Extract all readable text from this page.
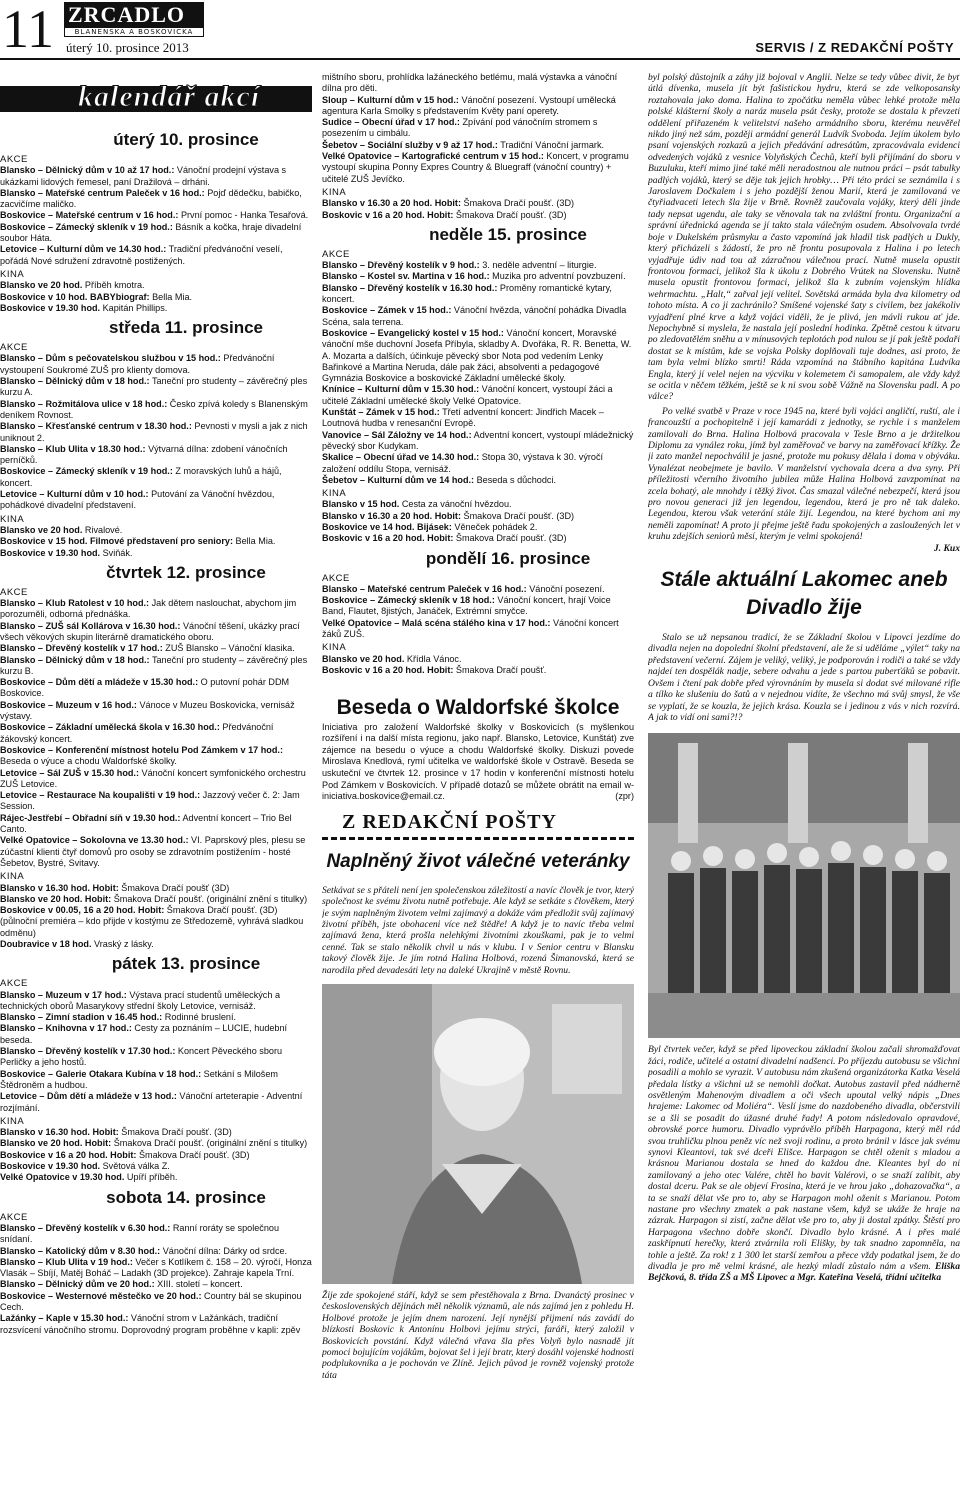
11 ZRCADLO
BLANENSKA A BOSKOVICKA
úterý 10. prosince 2013	SERVIS / Z REDAKČNÍ POŠTY
kalendář akcí
úterý 10. prosince
AKCE
Blansko – Dělnický dům v 10 až 17 hod.: Vánoční prodejní výstava s ukázkami lidových řemesel, paní Dražilová – drháni.
Blansko – Mateřské centrum Paleček v 16 hod.: Pojď dědečku, babičko, zacvičíme maličko.
Boskovice – Mateřské centrum v 16 hod.: První pomoc - Hanka Tesařová.
Boskovice – Zámecký skleník v 19 hod.: Básník a kočka, hraje divadelní soubor Háta.
Letovice – Kulturní dům ve 14.30 hod.: Tradiční předvánoční veselí, pořádá Nové sdružení zdravotně postižených.
KINA
Blansko ve 20 hod. Příběh kmotra.
Boskovice v 10 hod. BABYbiograf: Bella Mia.
Boskovice v 19.30 hod. Kapitán Phillips.
středa 11. prosince
AKCE
Blansko – Dům s pečovatelskou službou v 15 hod.: Předvánoční vystoupení Soukromé ZUŠ pro klienty domova.
Blansko – Dělnický dům v 18 hod.: Taneční pro studenty – závěrečný ples kurzu A.
Blansko – Rožmitálova ulice v 18 hod.: Česko zpívá koledy s Blanenským deníkem Rovnost.
Blansko – Křesťanské centrum v 18.30 hod.: Pevnosti v mysli a jak z nich uniknout 2.
Blansko – Klub Ulita v 18.30 hod.: Výtvarná dílna: zdobení vánočních perníčků.
Boskovice – Zámecký skleník v 19 hod.: Z moravských luhů a hájů, koncert.
Letovice – Kulturní dům v 10 hod.: Putování za Vánoční hvězdou, pohádkové divadelní představení.
KINA
Blansko ve 20 hod. Rivalové.
Boskovice v 15 hod. Filmové představení pro seniory: Bella Mia.
Boskovice v 19.30 hod. Sviňák.
čtvrtek 12. prosince
AKCE
Blansko – Klub Ratolest v 10 hod.: Jak dětem naslouchat, abychom jim porozuměli, odborná přednáška.
Blansko – ZUŠ sál Kollárova v 16.30 hod.: Vánoční těšení, ukázky prací všech věkových skupin literárně dramatického oboru.
Blansko – Dřevěný kostelík v 17 hod.: ZUŠ Blansko – Vánoční klasika.
Blansko – Dělnický dům v 18 hod.: Taneční pro studenty – závěrečný ples kurzu B.
Boskovice – Dům dětí a mládeže v 15.30 hod.: O putovní pohár DDM Boskovice.
Boskovice – Muzeum v 16 hod.: Vánoce v Muzeu Boskovicka, vernisáž výstavy.
Boskovice – Základní umělecká škola v 16.30 hod.: Předvánoční žákovský koncert.
Boskovice – Konferenční místnost hotelu Pod Zámkem v 17 hod.: Beseda o výuce a chodu Waldorfské školky.
Letovice – Sál ZUŠ v 15.30 hod.: Vánoční koncert symfonického orchestru ZUŠ Letovice.
Letovice – Restaurace Na koupališti v 19 hod.: Jazzový večer č. 2: Jam Session.
Rájec-Jestřebí – Obřadní síň v 19.30 hod.: Adventní koncert – Trio Bel Canto.
Velké Opatovice – Sokolovna ve 13.30 hod.: VI. Paprskový ples, plesu se zúčastní klienti čtyř domovů pro osoby se zdravotním postižením - hosté Šebetov, Bystré, Svitavy.
KINA
Blansko v 16.30 hod. Hobit: Šmakova Dračí poušť (3D)
Blansko ve 20 hod. Hobit: Šmakova Dračí poušť. (originální znění s titulky)
Boskovice v 00.05, 16 a 20 hod. Hobit: Šmakova Dračí poušť. (3D) (půlnoční premiéra – kdo přijde v kostýmu ze Středozemě, vyhrává sladkou odměnu)
Doubravice v 18 hod. Vraský z lásky.
pátek 13. prosince
AKCE
Blansko – Muzeum v 17 hod.: Výstava prací studentů uměleckých a technických oborů Masarykovy střední školy Letovice, vernisáž.
Blansko – Zimní stadion v 16.45 hod.: Rodinné bruslení.
Blansko – Knihovna v 17 hod.: Cesty za poznáním – LUCIE, hudební beseda.
Blansko – Dřevěný kostelík v 17.30 hod.: Koncert Pěveckého sboru Perličky a jeho hostů.
Boskovice – Galerie Otakara Kubína v 18 hod.: Setkání s Milošem Štědroněm a hudbou.
Letovice – Dům dětí a mládeže v 13 hod.: Vánoční arteterapie - Adventní rozjímání.
KINA
Blansko v 16.30 hod. Hobit: Šmakova Dračí poušť. (3D)
Blansko ve 20 hod. Hobit: Šmakova Dračí poušť. (originální znění s titulky)
Boskovice v 16 a 20 hod. Hobit: Šmakova Dračí poušť. (3D)
Boskovice v 19.30 hod. Světová válka Z.
Velké Opatovice v 19.30 hod. Upíří příběh.
sobota 14. prosince
AKCE
Blansko – Dřevěný kostelík v 6.30 hod.: Ranní roráty se společnou snídaní.
Blansko – Katolický dům v 8.30 hod.: Vánoční dílna: Dárky od srdce.
Blansko – Klub Ulita v 19 hod.: Večer s Kotlíkem č. 158 – 20. výročí, Honza Vlasák – Sbíjí, Matěj Boháč – Ladakh (3D projekce). Zahraje kapela Trní.
Blansko – Dělnický dům ve 20 hod.: XIII. století – koncert.
Boskovice – Westernové městečko ve 20 hod.: Country bál se skupinou Cech.
Lažánky – Kaple v 15.30 hod.: Vánoční strom v Lažánkách, tradiční rozsvícení vánočního stromu. Doprovodný program proběhne v kapli: zpěv
mištního sboru, prohlídka lažáneckého betlému, malá výstavka a vánoční dílna pro děti.
Sloup – Kulturní dům v 15 hod.: Vánoční posezení. Vystoupí umělecká agentura Karla Smolky s představením Květy paní operety.
Sudice – Obecní úřad v 17 hod.: Zpívání pod vánočním stromem s posezením u cimbálu.
Šebetov – Sociální služby v 9 až 17 hod.: Tradiční Vánoční jarmark.
Velké Opatovice – Kartografické centrum v 15 hod.: Koncert, v programu vystoupí skupina Ponny Expres Country & Bluegraff (vánoční country) + učitelé ZUŠ Jevíčko.
KINA
Blansko v 16.30 a 20 hod. Hobit: Šmakova Dračí poušť. (3D)
Boskovic v 16 a 20 hod. Hobit: Šmakova Dračí poušť. (3D)
neděle 15. prosince
AKCE
Blansko – Dřevěný kostelík v 9 hod.: 3. neděle adventní – liturgie.
Blansko – Kostel sv. Martina v 16 hod.: Muzika pro adventní povzbuzení.
Blansko – Dřevěný kostelík v 16.30 hod.: Proměny romantické kytary, koncert.
Boskovice – Zámek v 15 hod.: Vánoční hvězda, vánoční pohádka Divadla Scéna, sala terrena.
Boskovice – Evangelický kostel v 15 hod.: Vánoční koncert, Moravské vánoční mše duchovní Josefa Příbyla, skladby A. Dvořáka, R. R. Benetta, W. A. Mozarta a dalších, účinkuje pěvecký sbor Nota pod vedením Lenky Bařinkové a Martina Neruda, dále pak žáci, absolventi a pedagogové Gymnázia Boskovice a boskovické Základní umělecké školy.
Knínice – Kulturní dům v 15.30 hod.: Vánoční koncert, vystoupí žáci a učitelé Základní umělecké školy Velké Opatovice.
Kunštát – Zámek v 15 hod.: Třetí adventní koncert: Jindřich Macek – Loutnová hudba v renesanční Evropě.
Vanovice – Sál Záložny ve 14 hod.: Adventní koncert, vystoupí mládežnický pěvecký sbor Kudykam.
Skalice – Obecní úřad ve 14.30 hod.: Stopa 30, výstava k 30. výročí založení oddílu Stopa, vernisáž.
Šebetov – Kulturní dům ve 14 hod.: Beseda s důchodci.
KINA
Blansko v 15 hod. Cesta za vánoční hvězdou.
Blansko v 16.30 a 20 hod. Hobit: Šmakova Dračí poušť. (3D)
Boskovice ve 14 hod. Bijásek: Věneček pohádek 2.
Boskovic v 16 a 20 hod. Hobit: Šmakova Dračí poušť. (3D)
pondělí 16. prosince
AKCE
Blansko – Mateřské centrum Paleček v 16 hod.: Vánoční posezení.
Boskovice – Zámecký skleník v 18 hod.: Vánoční koncert, hrají Voice Band, Flautet, 8jistých, Janáček, Extrémní smyčce.
Velké Opatovice – Malá scéna stálého kina v 17 hod.: Vánoční koncert žáků ZUŠ.
KINA
Blansko ve 20 hod. Křídla Vánoc.
Boskovic v 16 a 20 hod. Hobit: Šmakova Dračí poušť.
Beseda o Waldorfské školce
Iniciativa pro založení Waldorfské školky v Boskovicích (s myšlenkou rozšíření i na další místa regionu, jako např. Blansko, Letovice, Kunštát) zve zájemce na besedu o výuce a chodu Waldorfské školky. Diskuzi povede Miroslava Knedlová, rymí učitelka ve waldorfské škole v Ostravě. Beseda se uskuteční ve čtvrtek 12. prosince v 17 hodin v konferenční místnosti hotelu Pod Zámkem v Boskovicích. V případě dotazů se můžete obrátit na email w-iniciativa.boskovice@email.cz.	(zpr)
Z REDAKČNÍ POŠTY
Naplněný život válečné veteránky
Setkávat se s přáteli není jen společenskou záležitostí a navíc člověk je tvor, který společnost ke svému životu nutně potřebuje. Ale když se setkáte s člověkem, který je svým naplněným životem velmi zajímavý a dokáže vám předložit svůj zajímavý životní příběh, jste obohaceni více než štědře! A když je to navíc třeba velmi zajímavá žena, která prošla nelehkými životními zkouškami, pak je to velmi cenné. Tak se stalo několik chvil u nás v klubu. I v Senior centru v Blansku takový člověk žije. Je jím rotná Halina Holbová, rozená Šimanovská, která se narodila před devadesáti lety na daleké Ukrajině v městě Rovnu.
Žije zde spokojené stáří, když se sem přestěhovala z Brna. Dvanáctý prosinec v československých dějinách měl několik významů, ale nás zajímá jen z pohledu H. Holbové protože je jejím dnem narození. Její nynější přijmení nás zavádí do blízkosti Boskovic k Antonínu Holbovi jejímu strýci, faráři, který založil v Boskovicích povstání. Když válečná vřava šla přes Volyň bylo nasnadě jít pomoci bojujícím vojákům, bojovat šel i její bratr, který dosáhl vojenské hodnosti podplukovníka a je pochován ve Zlíně. Jejich původ je rovněž vojenský protože táta
byl polský důstojník a záhy již bojoval v Anglii. Nelze se tedy vůbec divit, že byť útlá dívenka, musela jít být fašistickou hydru, která se zde velkoposansky roztahovala jako doma. Halina to zpočátku neměla vůbec lehké protože měla polské klášterní školy a naráz musela psát česky, protože se dostala k převzetí oddělení přiřazeném k velitelství našeho armádního sboru, kterému neuvěřel nikdo jiný než sám, později armádní generál Ludvík Svoboda. Jejím úkolem bylo psaní vojenských rozkazů a jejich předávání adresátům, zpracovávala evidenci odvedených vojáků z vesnice Volyňských Čechů, kteří byli přijímání do sboru v Buzuluku, kteří mimo jiné také měli neradostnou ale nutnou práci – psát tabulky padlých vojáků, který se děje tak jejich hrobky… Při této práci se seznámila i s Jaroslavem Dočkalem i s jeho pozdější ženou Marií, která je zamilovaná ve čtyřiadvaceti letech šla žije v Brně. Rovněž zaučovala vojáky, který děli jinde tady nepsat ugendu, ale taky se věnovala tak na zvláštní frontu. Organizační a správní úřednická agenda se jí takto stala válečným osudem. Absolvovala tvrdé boje v Dukelském průsmyku a často vzpomíná jak hladil tisk padlých u Dukly, který přicházeli s žádostí, že pro ně frontu posupovala z Halina i po letech vyjadřuje údiv nad tou až zázračnou válečnou prací. Nutně musela opustit frontovou formaci, jelikož šla k úkolu z Dobrého Vrútek na Slovensku. Nutně musela opustit frontovou formaci, jelikož šla k zubním vojenským hlídka wehrmachtu. „Halt,“ zařval její velitel. Sovětská armáda byla dva kilometry od tohoto místa. A co ji zachránilo? Smíšené vojenské šaty s civilem, bez jakékoliv vyjadření plné krve a když vojáci viděli, že je plivá, jen mávli rukou ať jde. Nepochybně si myslela, že nastala její poslední hodinka. Zpětně cestou k útvaru po zledovatělém sněhu a v mínusových teplotách pod nulou se jí pak ještě podaří dostat se k místům, kde se vojska Polsky doplňovali tuje dodnes, asi proto, že tam byla velmi blízko smrti! Ráda vzpomíná na štábního kapitána Ludvíka Engla, který jí velel nejen na výcviku v kolemetem či samopalem, ale vždy když se ocitla v něčem těžkém, ještě se k ni svou sobě Vážně na Slovensku padl. A po válce?
Po velké svatbě v Praze v roce 1945 na, které byli vojáci angličtí, ruští, ale i francouzští a pochopitelně i její kamarádi z jednotky, se rychle i s manželem zamilovali do Brna. Halina Holbová pracovala v Tesle Brno a je držitelkou Diplomu za vynález roku, jímž byl zaměřovač ve barvy na zaměřovací křížky. Že ji zato manžel nepochválil je jasné, protože mu pokusy dělala i doma v obýváku. Vynalézat neobejmete je bavilo. V manželství vychovala dcera a dva syny. Při příležitosti včerního životního jubilea může Halina Holbová zavzpomínat na zcela bohatý, ale mnohdy i těžký život. Čas smazal válečné nebezpečí, která jsou pro novou generaci již jen legendou, legendou, která je pro ně tak daleko. Legendou, kterou však veterání stále žijí. Legendou, na které bychom ani my neměli zapomínat! A proto ji přejme ještě řadu spokojených a zasloužených let v kruhu zdejších seniorů měsí, kterým je velmi spokojená!
J. Kux
Stále aktuální Lakomec aneb Divadlo žije
Stalo se už nepsanou tradicí, že se Základní školou v Lipovci jezdíme do divadla nejen na dopolední školní představení, ale že si uděláme „výlet“ taky na představení večerní. Zájem je veliký, veliký, je podporován i rodiči a také se vždy najdeí ten dospělák nadje, sebere odvahu a jede s partou puberťáků se pobavit. Ovšem i čtení pak dobře před výrovnáním by musela si dodat své milované rifle a tílko ke slušeniu do šatů a v nejednou vidíte, že všechno má svůj smysl, že vše se vyplatí, že se kouzla, že jejich krása. Kouzla se i jedinou z vás v nich rozvírá. A jak to vidí oni sami?!?
Byl čtvrtek večer, když se před lipoveckou základní školou začali shromažďovat žáci, rodiče, učitelé a ostatní divadelní nadšenci. Po příjezdu autobusu se všichni posadili a mohlo se vyrazit. V autobusu nám zkušená organizátorka Katka Veselá předala lístky a všichni už se nemohli dočkat. Autobus zastavil před nádherně osvětleným Mahenovým divadlem a oči všech upoutal velký nápis „Dnes hrajeme: Lakomec od Moliéra“. Veslí jsme do nazdobeného divadla, občerstvili se a šli se posadit do úžasné druhé řady! A potom následovalo opravdové, obrovské porce humoru. Divadlo vyprávělo příběh Harpagona, který měl rád svou truhličku plnou peněz víc než svoji rodinu, a proto bránil v lásce jak svému synovi Kleantovi, tak své dceři Elišce. Harpagon se chtěl oženit s mladou a krásnou Marianou dostala se hned do každou dne. Kleantes byl do ní zamilovaný a jeho otec Valére, chtěl ho bavit Valérovi, o se snaží zalíbit, aby dostal dceru. Pak se ale objeví Frosina, která je ve hrou jako „dohazovačka“, a ta se snaží dělat vše pro to, aby se Harpagon mohl oženit s Marianou. Potom nastane pro všechny zmatek a pak nastane všem, když se ukáže že hraje na zázrak. Harpagon si zistí, začne dělat vše pro to, aby ji dostal zpátky. Štěstí pro Harpagona všechno dobře skončí. Divadlo bylo krásné. A i přes malé zaskřípnutí herečky, která ztvárnila roli Elišky, by tak snadno zapomněla, na tohle a ještě. Za rok! z 1 300 let starší zemřou a přece vždy podatkal jsem, že do divadla je pro mě velmi krásné, ale hezký mladí zůstalo nám a všem. Eliška Bejčková, 8. třída ZŠ a MŠ Lipovec a Mgr. Kateřina Veselá, třídní učitelka
